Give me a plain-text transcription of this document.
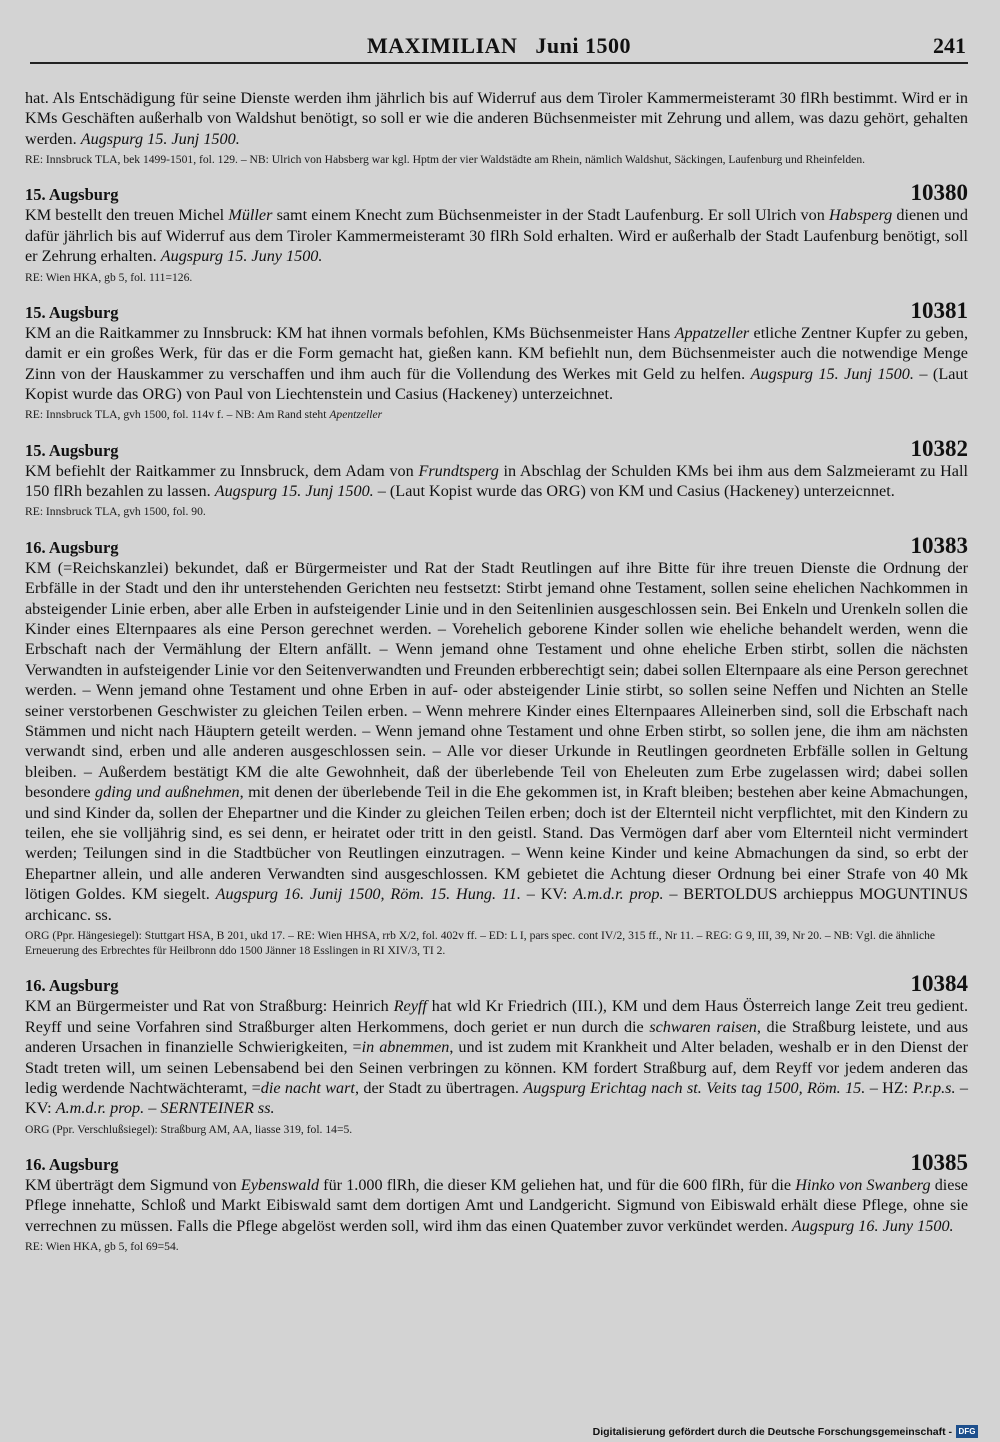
MAXIMILIAN   Juni 1500	241

hat. Als Entschädigung für seine Dienste werden ihm jährlich bis auf Widerruf aus dem Tiroler Kammermeisteramt 30 flRh bestimmt. Wird er in KMs Geschäften außerhalb von Waldshut benötigt, so soll er wie die anderen Büchsenmeister mit Zehrung und allem, was dazu gehört, gehalten werden. Augspurg 15. Junj 1500.

RE: Innsbruck TLA, bek 1499-1501, fol. 129. – NB: Ulrich von Habsberg war kgl. Hptm der vier Waldstädte am Rhein, nämlich Waldshut, Säckingen, Laufenburg und Rheinfelden.

15. Augsburg	10380

KM bestellt den treuen Michel Müller samt einem Knecht zum Büchsenmeister in der Stadt Laufenburg. Er soll Ulrich von Habsperg dienen und dafür jährlich bis auf Widerruf aus dem Tiroler Kammermeisteramt 30 flRh Sold erhalten. Wird er außerhalb der Stadt Laufenburg benötigt, soll er Zehrung erhalten. Augspurg 15. Juny 1500.

RE: Wien HKA, gb 5, fol. 111=126.

15. Augsburg	10381

KM an die Raitkammer zu Innsbruck: KM hat ihnen vormals befohlen, KMs Büchsenmeister Hans Appatzeller etliche Zentner Kupfer zu geben, damit er ein großes Werk, für das er die Form gemacht hat, gießen kann. KM befiehlt nun, dem Büchsenmeister auch die notwendige Menge Zinn von der Hauskammer zu verschaffen und ihm auch für die Vollendung des Werkes mit Geld zu helfen. Augspurg 15. Junj 1500. – (Laut Kopist wurde das ORG) von Paul von Liechtenstein und Casius (Hackeney) unterzeichnet.

RE: Innsbruck TLA, gvh 1500, fol. 114v f. – NB: Am Rand steht Apentzeller

15. Augsburg	10382

KM befiehlt der Raitkammer zu Innsbruck, dem Adam von Frundtsperg in Abschlag der Schulden KMs bei ihm aus dem Salzmeieramt zu Hall 150 flRh bezahlen zu lassen. Augspurg 15. Junj 1500. – (Laut Kopist wurde das ORG) von KM und Casius (Hackeney) unterzeicnnet.

RE: Innsbruck TLA, gvh 1500, fol. 90.

16. Augsburg	10383

KM (=Reichskanzlei) bekundet, daß er Bürgermeister und Rat der Stadt Reutlingen auf ihre Bitte für ihre treuen Dienste die Ordnung der Erbfälle in der Stadt und den ihr unterstehenden Gerichten neu festsetzt: Stirbt jemand ohne Testament, sollen seine ehelichen Nachkommen in absteigender Linie erben, aber alle Erben in aufsteigender Linie und in den Seitenlinien ausgeschlossen sein. Bei Enkeln und Urenkeln sollen die Kinder eines Elternpaares als eine Person gerechnet werden. – Vorehelich geborene Kinder sollen wie eheliche behandelt werden, wenn die Erbschaft nach der Vermählung der Eltern anfällt. – Wenn jemand ohne Testament und ohne eheliche Erben stirbt, sollen die nächsten Verwandten in aufsteigender Linie vor den Seitenverwandten und Freunden erbberechtigt sein; dabei sollen Elternpaare als eine Person gerechnet werden. – Wenn jemand ohne Testament und ohne Erben in auf- oder absteigender Linie stirbt, so sollen seine Neffen und Nichten an Stelle seiner verstorbenen Geschwister zu gleichen Teilen erben. – Wenn mehrere Kinder eines Elternpaares Alleinerben sind, soll die Erbschaft nach Stämmen und nicht nach Häuptern geteilt werden. – Wenn jemand ohne Testament und ohne Erben stirbt, so sollen jene, die ihm am nächsten verwandt sind, erben und alle anderen ausgeschlossen sein. – Alle vor dieser Urkunde in Reutlingen geordneten Erbfälle sollen in Geltung bleiben. – Außerdem bestätigt KM die alte Gewohnheit, daß der überlebende Teil von Eheleuten zum Erbe zugelassen wird; dabei sollen besondere gding und außnehmen, mit denen der überlebende Teil in die Ehe gekommen ist, in Kraft bleiben; bestehen aber keine Abmachungen, und sind Kinder da, sollen der Ehepartner und die Kinder zu gleichen Teilen erben; doch ist der Elternteil nicht verpflichtet, mit den Kindern zu teilen, ehe sie volljährig sind, es sei denn, er heiratet oder tritt in den geistl. Stand. Das Vermögen darf aber vom Elternteil nicht vermindert werden; Teilungen sind in die Stadtbücher von Reutlingen einzutragen. – Wenn keine Kinder und keine Abmachungen da sind, so erbt der Ehepartner allein, und alle anderen Verwandten sind ausgeschlossen. KM gebietet die Achtung dieser Ordnung bei einer Strafe von 40 Mk lötigen Goldes. KM siegelt. Augspurg 16. Junij 1500, Röm. 15. Hung. 11. – KV: A.m.d.r. prop. – BERTOLDUS archieppus MOGUNTINUS archicanc. ss.

ORG (Ppr. Hängesiegel): Stuttgart HSA, B 201, ukd 17. – RE: Wien HHSA, rrb X/2, fol. 402v ff. – ED: L I, pars spec. cont IV/2, 315 ff., Nr 11. – REG: G 9, III, 39, Nr 20. – NB: Vgl. die ähnliche Erneuerung des Erbrechtes für Heilbronn ddo 1500 Jänner 18 Esslingen in RI XIV/3, TI 2.

16. Augsburg	10384

KM an Bürgermeister und Rat von Straßburg: Heinrich Reyff hat wld Kr Friedrich (III.), KM und dem Haus Österreich lange Zeit treu gedient. Reyff und seine Vorfahren sind Straßburger alten Herkommens, doch geriet er nun durch die schwaren raisen, die Straßburg leistete, und aus anderen Ursachen in finanzielle Schwierigkeiten, =in abnemmen, und ist zudem mit Krankheit und Alter beladen, weshalb er in den Dienst der Stadt treten will, um seinen Lebensabend bei den Seinen verbringen zu können. KM fordert Straßburg auf, dem Reyff vor jedem anderen das ledig werdende Nachtwächteramt, =die nacht wart, der Stadt zu übertragen. Augspurg Erichtag nach st. Veits tag 1500, Röm. 15. – HZ: P.r.p.s. – KV: A.m.d.r. prop. – SERNTEINER ss.

ORG (Ppr. Verschlußsiegel): Straßburg AM, AA, liasse 319, fol. 14=5.

16. Augsburg	10385

KM überträgt dem Sigmund von Eybenswald für 1.000 flRh, die dieser KM geliehen hat, und für die 600 flRh, für die Hinko von Swanberg diese Pflege innehatte, Schloß und Markt Eibiswald samt dem dortigen Amt und Landgericht. Sigmund von Eibiswald erhält diese Pflege, ohne sie verrechnen zu müssen. Falls die Pflege abgelöst werden soll, wird ihm das einen Quatember zuvor verkündet werden. Augspurg 16. Juny 1500.

RE: Wien HKA, gb 5, fol 69=54.

Digitalisierung gefördert durch die Deutsche Forschungsgemeinschaft - DFG
